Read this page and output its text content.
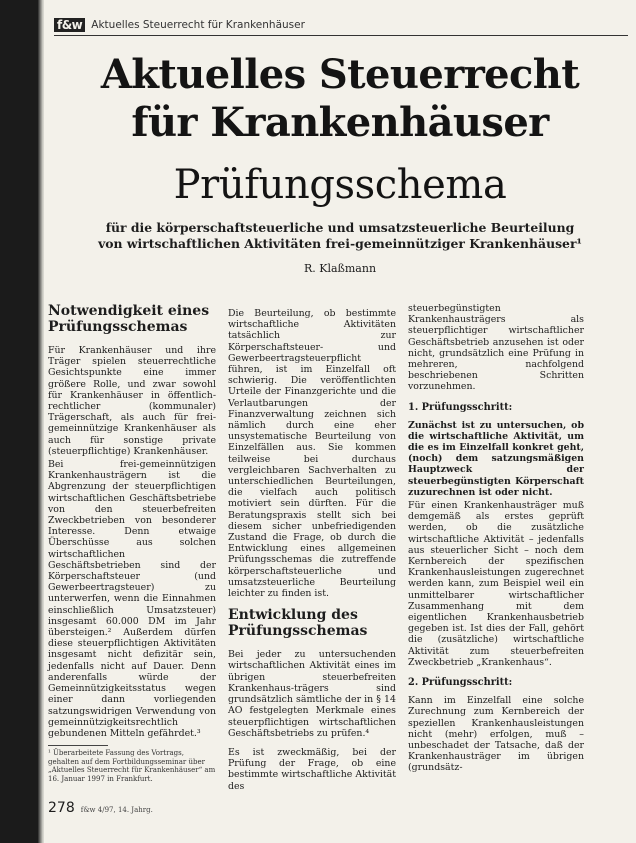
f&w Aktuelles Steuerrecht für Krankenhäuser
Aktuelles Steuerrecht
für Krankenhäuser
Prüfungsschema
für die körperschaftsteuerliche und umsatzsteuerliche Beurteilung
von wirtschaftlichen Aktivitäten frei-gemeinnütziger Krankenhäuser¹
R. Klaßmann
Notwendigkeit eines Prüfungsschemas

Für Krankenhäuser und ihre Träger spielen steuerrechtliche Gesichtspunkte eine immer größere Rolle, und zwar sowohl für Krankenhäuser in öffentlich-rechtlicher (kommunaler) Trägerschaft, als auch für frei-gemeinnützige Krankenhäuser als auch für sonstige private (steuerpflichtige) Krankenhäuser.

Bei frei-gemeinnützigen Krankenhausträgern ist die Abgrenzung der steuerpflichtigen wirtschaftlichen Geschäftsbetriebe von den steuerbefreiten Zweckbetrieben von besonderer Interesse. Denn etwaige Überschüsse aus solchen wirtschaftlichen Geschäftsbetrieben sind der Körperschaftsteuer (und Gewerbeertragsteuer) zu unterwerfen, wenn die Einnahmen einschließlich Umsatzsteuer) insgesamt 60.000 DM im Jahr übersteigen.² Außerdem dürfen diese steuerpflichtigen Aktivitäten insgesamt nicht defizitär sein, jedenfalls nicht auf Dauer. Denn anderenfalls würde der Gemeinnützigkeitsstatus wegen einer dann vorliegenden satzungswidrigen Verwendung von gemeinnützigkeitsrechtlich gebundenen Mitteln gefährdet.³

¹ Überarbeitete Fassung des Vortrags, gehalten auf dem Fortbildungsseminar über „Aktuelles Steuerrecht für Krankenhäuser“ am 16. Januar 1997 in Frankfurt.

Die Beurteilung, ob bestimmte wirtschaftliche Aktivitäten tatsächlich zur Körperschaftsteuer- und Gewerbeertragsteuerpflicht führen, ist im Einzelfall oft schwierig. Die veröffentlichten Urteile der Finanzgerichte und die Verlautbarungen der Finanzverwaltung zeichnen sich nämlich durch eine eher unsystematische Beurteilung von Einzelfällen aus. Sie kommen teilweise bei durchaus vergleichbaren Sachverhalten zu unterschiedlichen Beurteilungen, die vielfach auch politisch motiviert sein dürften. Für die Beratungspraxis stellt sich bei diesem sicher unbefriedigenden Zustand die Frage, ob durch die Entwicklung eines allgemeinen Prüfungsschemas die zutreffende körperschaftsteuerliche und umsatzsteuerliche Beurteilung leichter zu finden ist.

Entwicklung des Prüfungsschemas

Bei jeder zu untersuchenden wirtschaftlichen Aktivität eines im übrigen steuerbefreiten Krankenhaus-trägers sind grundsätzlich sämtliche der in § 14 AO festgelegten Merkmale eines steuerpflichtigen wirtschaftlichen Geschäftsbetriebs zu prüfen.⁴

Es ist zweckmäßig, bei der Prüfung der Frage, ob eine bestimmte wirtschaftliche Aktivität des

steuerbegünstigten Krankenhausträgers als steuerpflichtiger wirtschaftlicher Geschäftsbetrieb anzusehen ist oder nicht, grundsätzlich eine Prüfung in mehreren, nachfolgend beschriebenen Schritten vorzunehmen.

1. Prüfungsschritt:

Zunächst ist zu untersuchen, ob die wirtschaftliche Aktivität, um die es im Einzelfall konkret geht, (noch) dem satzungsmäßigen Hauptzweck der steuerbegünstigten Körperschaft zuzurechnen ist oder nicht.

Für einen Krankenhausträger muß demgemäß als erstes geprüft werden, ob die zusätzliche wirtschaftliche Aktivität – jedenfalls aus steuerlicher Sicht – noch dem Kernbereich der spezifischen Krankenhausleistungen zugerechnet werden kann, zum Beispiel weil ein unmittelbarer wirtschaftlicher Zusammenhang mit dem eigentlichen Krankenhausbetrieb gegeben ist. Ist dies der Fall, gehört die (zusätzliche) wirtschaftliche Aktivität zum steuerbefreiten Zweckbetrieb „Krankenhaus“.

2. Prüfungsschritt:

Kann im Einzelfall eine solche Zurechnung zum Kernbereich der speziellen Krankenhausleistungen nicht (mehr) erfolgen, muß – unbeschadet der Tatsache, daß der Krankenhausträger im übrigen (grundsätz-

278 f&w 4/97, 14. Jahrg.
